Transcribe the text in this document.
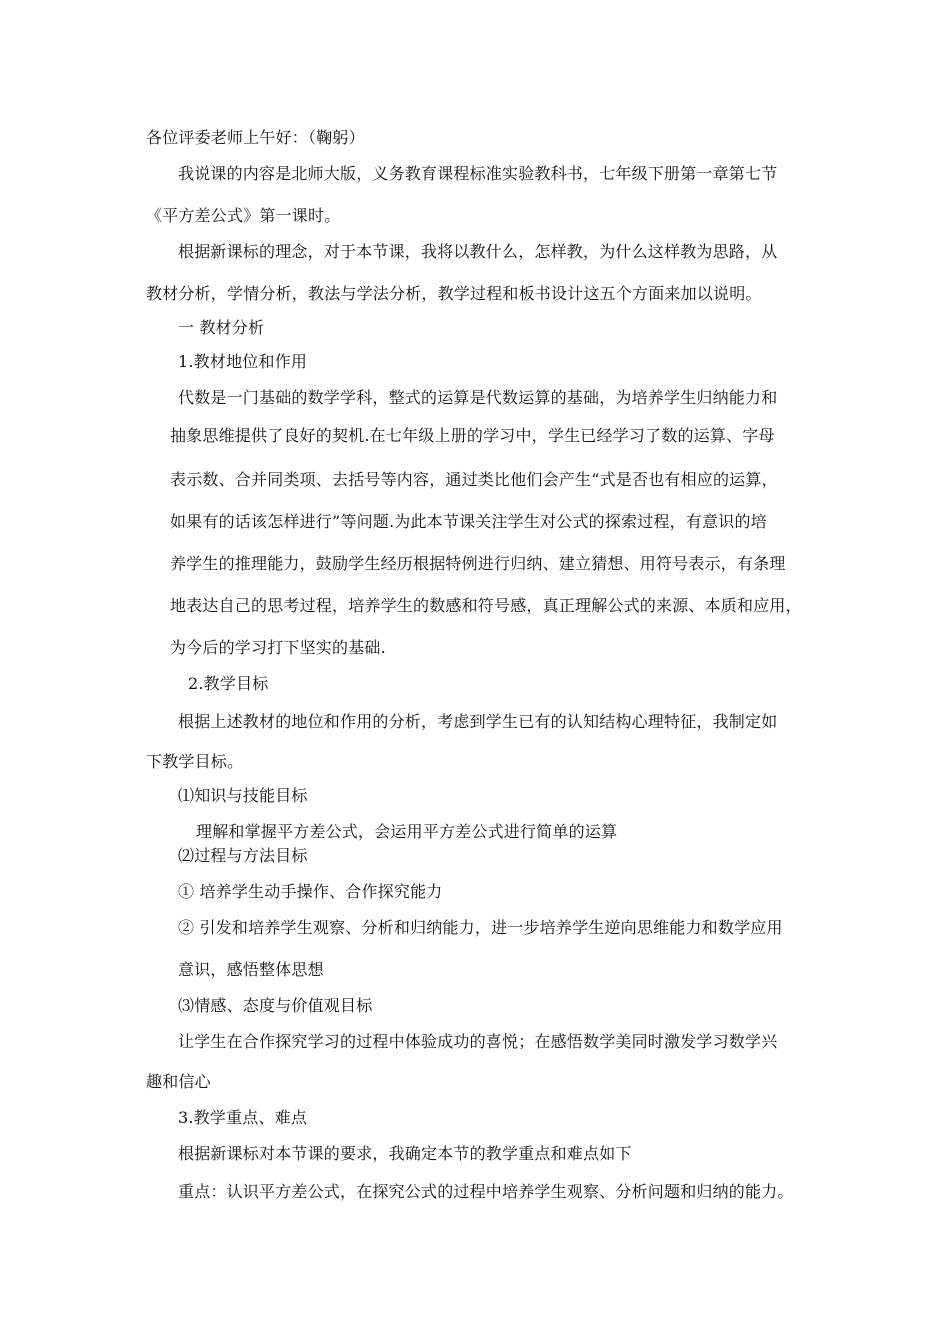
各位评委老师上午好：（鞠躬）
我说课的内容是北师大版，义务教育课程标准实验教科书，七年级下册第一章第七节
《平方差公式》第一课时。
根据新课标的理念，对于本节课，我将以教什么，怎样教，为什么这样教为思路，从
教材分析，学情分析，教法与学法分析，教学过程和板书设计这五个方面来加以说明。
一 教材分析
1.教材地位和作用
代数是一门基础的数学学科，整式的运算是代数运算的基础，为培养学生归纳能力和
抽象思维提供了良好的契机.在七年级上册的学习中，学生已经学习了数的运算、字母
表示数、合并同类项、去括号等内容，通过类比他们会产生“式是否也有相应的运算，
如果有的话该怎样进行”等问题.为此本节课关注学生对公式的探索过程，有意识的培
养学生的推理能力，鼓励学生经历根据特例进行归纳、建立猜想、用符号表示，有条理
地表达自己的思考过程，培养学生的数感和符号感，真正理解公式的来源、本质和应用，
为今后的学习打下坚实的基础.
2.教学目标
根据上述教材的地位和作用的分析，考虑到学生已有的认知结构心理特征，我制定如
下教学目标。
⑴知识与技能目标
理解和掌握平方差公式，会运用平方差公式进行简单的运算
⑵过程与方法目标
① 培养学生动手操作、合作探究能力
② 引发和培养学生观察、分析和归纳能力，进一步培养学生逆向思维能力和数学应用
意识，感悟整体思想
⑶情感、态度与价值观目标
让学生在合作探究学习的过程中体验成功的喜悦；在感悟数学美同时激发学习数学兴
趣和信心
3.教学重点、难点
根据新课标对本节课的要求，我确定本节的教学重点和难点如下
重点：认识平方差公式，在探究公式的过程中培养学生观察、分析问题和归纳的能力。
